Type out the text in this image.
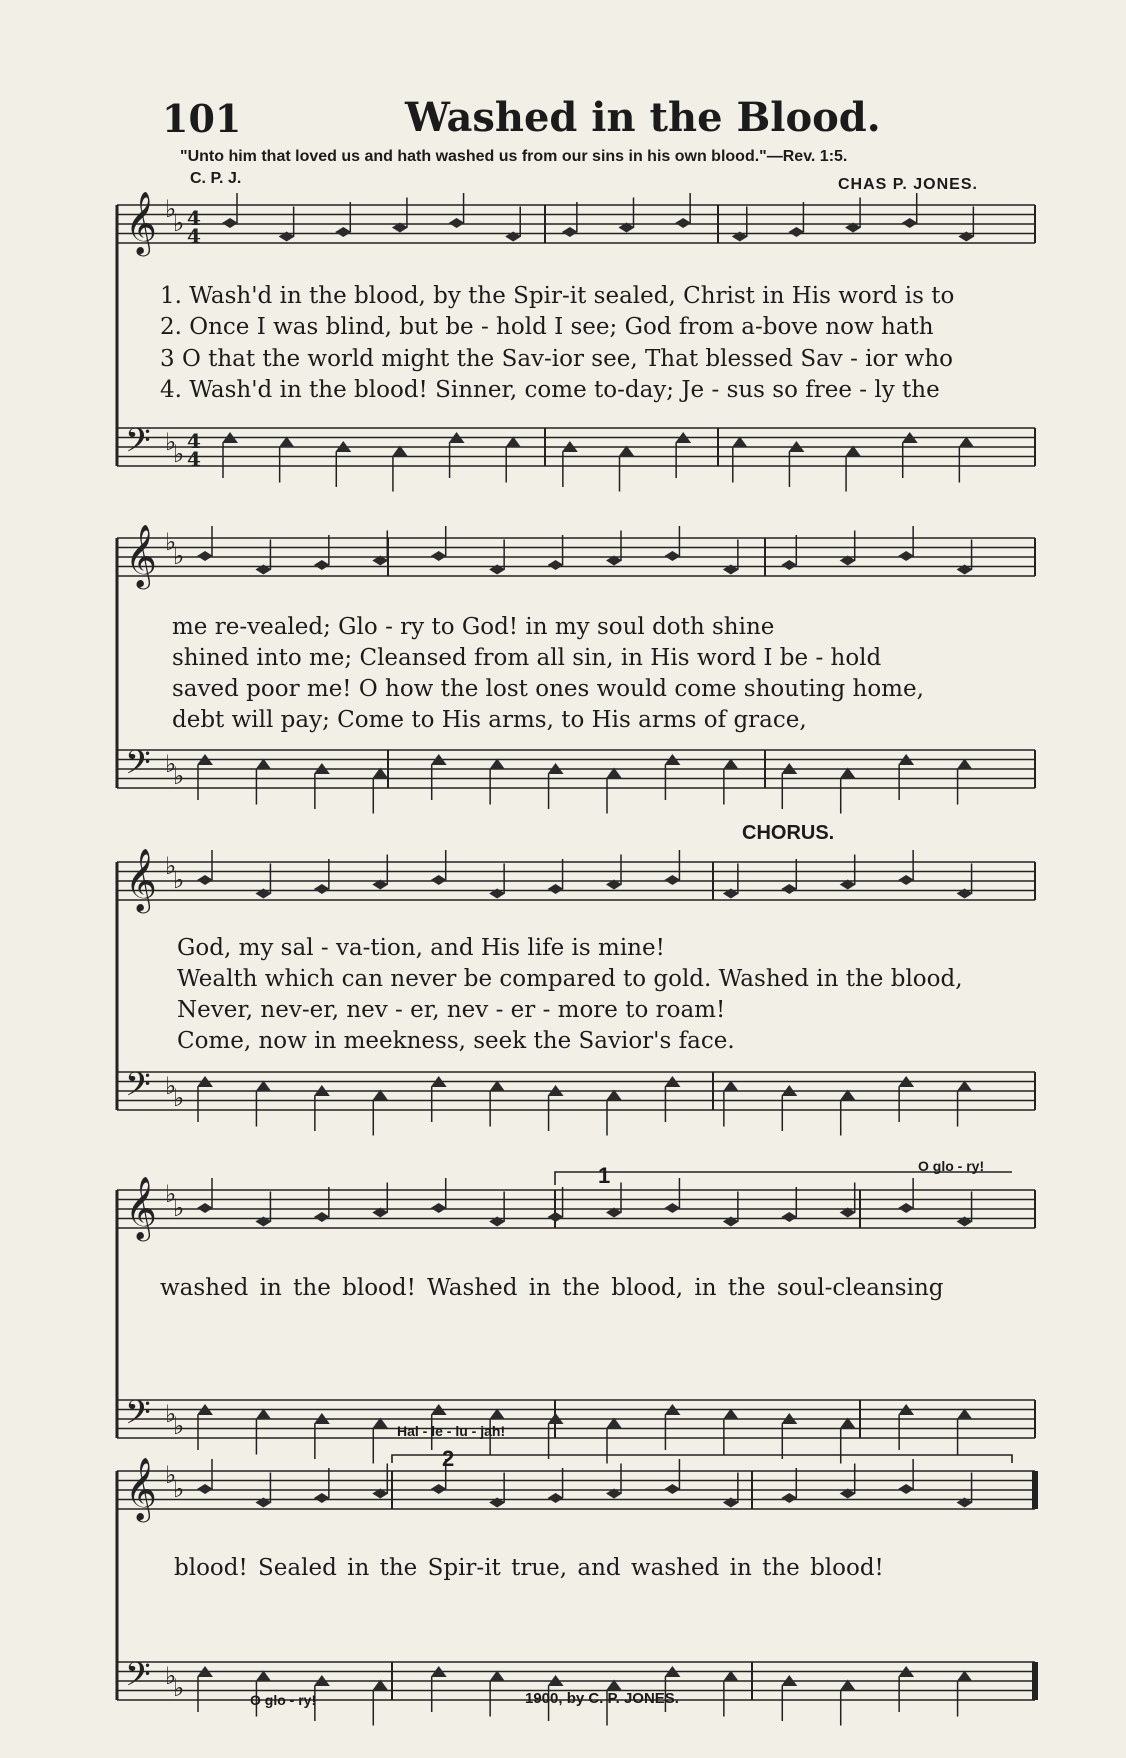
101	Washed in the Blood.
"Unto him that loved us and hath washed us from our sins in his own blood."—Rev. 1:5.
C. P. J.	CHAS P. JONES.
𝄞 ♭
♭ 4
4
𝄢 ♭
♭ 4
4
𝄞 ♭
♭
𝄢 ♭
♭
𝄞 ♭
♭
𝄢 ♭
♭
𝄞 ♭
♭
𝄢 ♭
♭
𝄞 ♭
♭
𝄢 ♭
♭
1. Wash'd in the blood, by the Spir-it sealed, Christ in His word is to
2. Once I was blind, but be - hold I see; God from a-bove now hath
3 O that the world might the Sav-ior see, That blessed Sav - ior who
4. Wash'd in the blood! Sinner, come to-day; Je - sus so free - ly the
me re-vealed; Glo - ry to God! in my soul doth shine
shined into me; Cleansed from all sin, in His word I be - hold
saved poor me! O how the lost ones would come shouting home,
debt will pay; Come to His arms, to His arms of grace,
CHORUS.
God, my sal - va-tion, and His life is mine!
Wealth which can never be compared to gold. Washed in the blood,
Never, nev-er, nev - er, nev - er - more to roam!
Come, now in meekness, seek the Savior's face.
O glo - ry!
washed in the blood! Washed in the blood, in the soul-cleansing
Hal - le - lu - jah!
1
2
blood! Sealed in the Spir-it true, and washed in the blood!
O glo - ry!	1900, by C. P. JONES.
